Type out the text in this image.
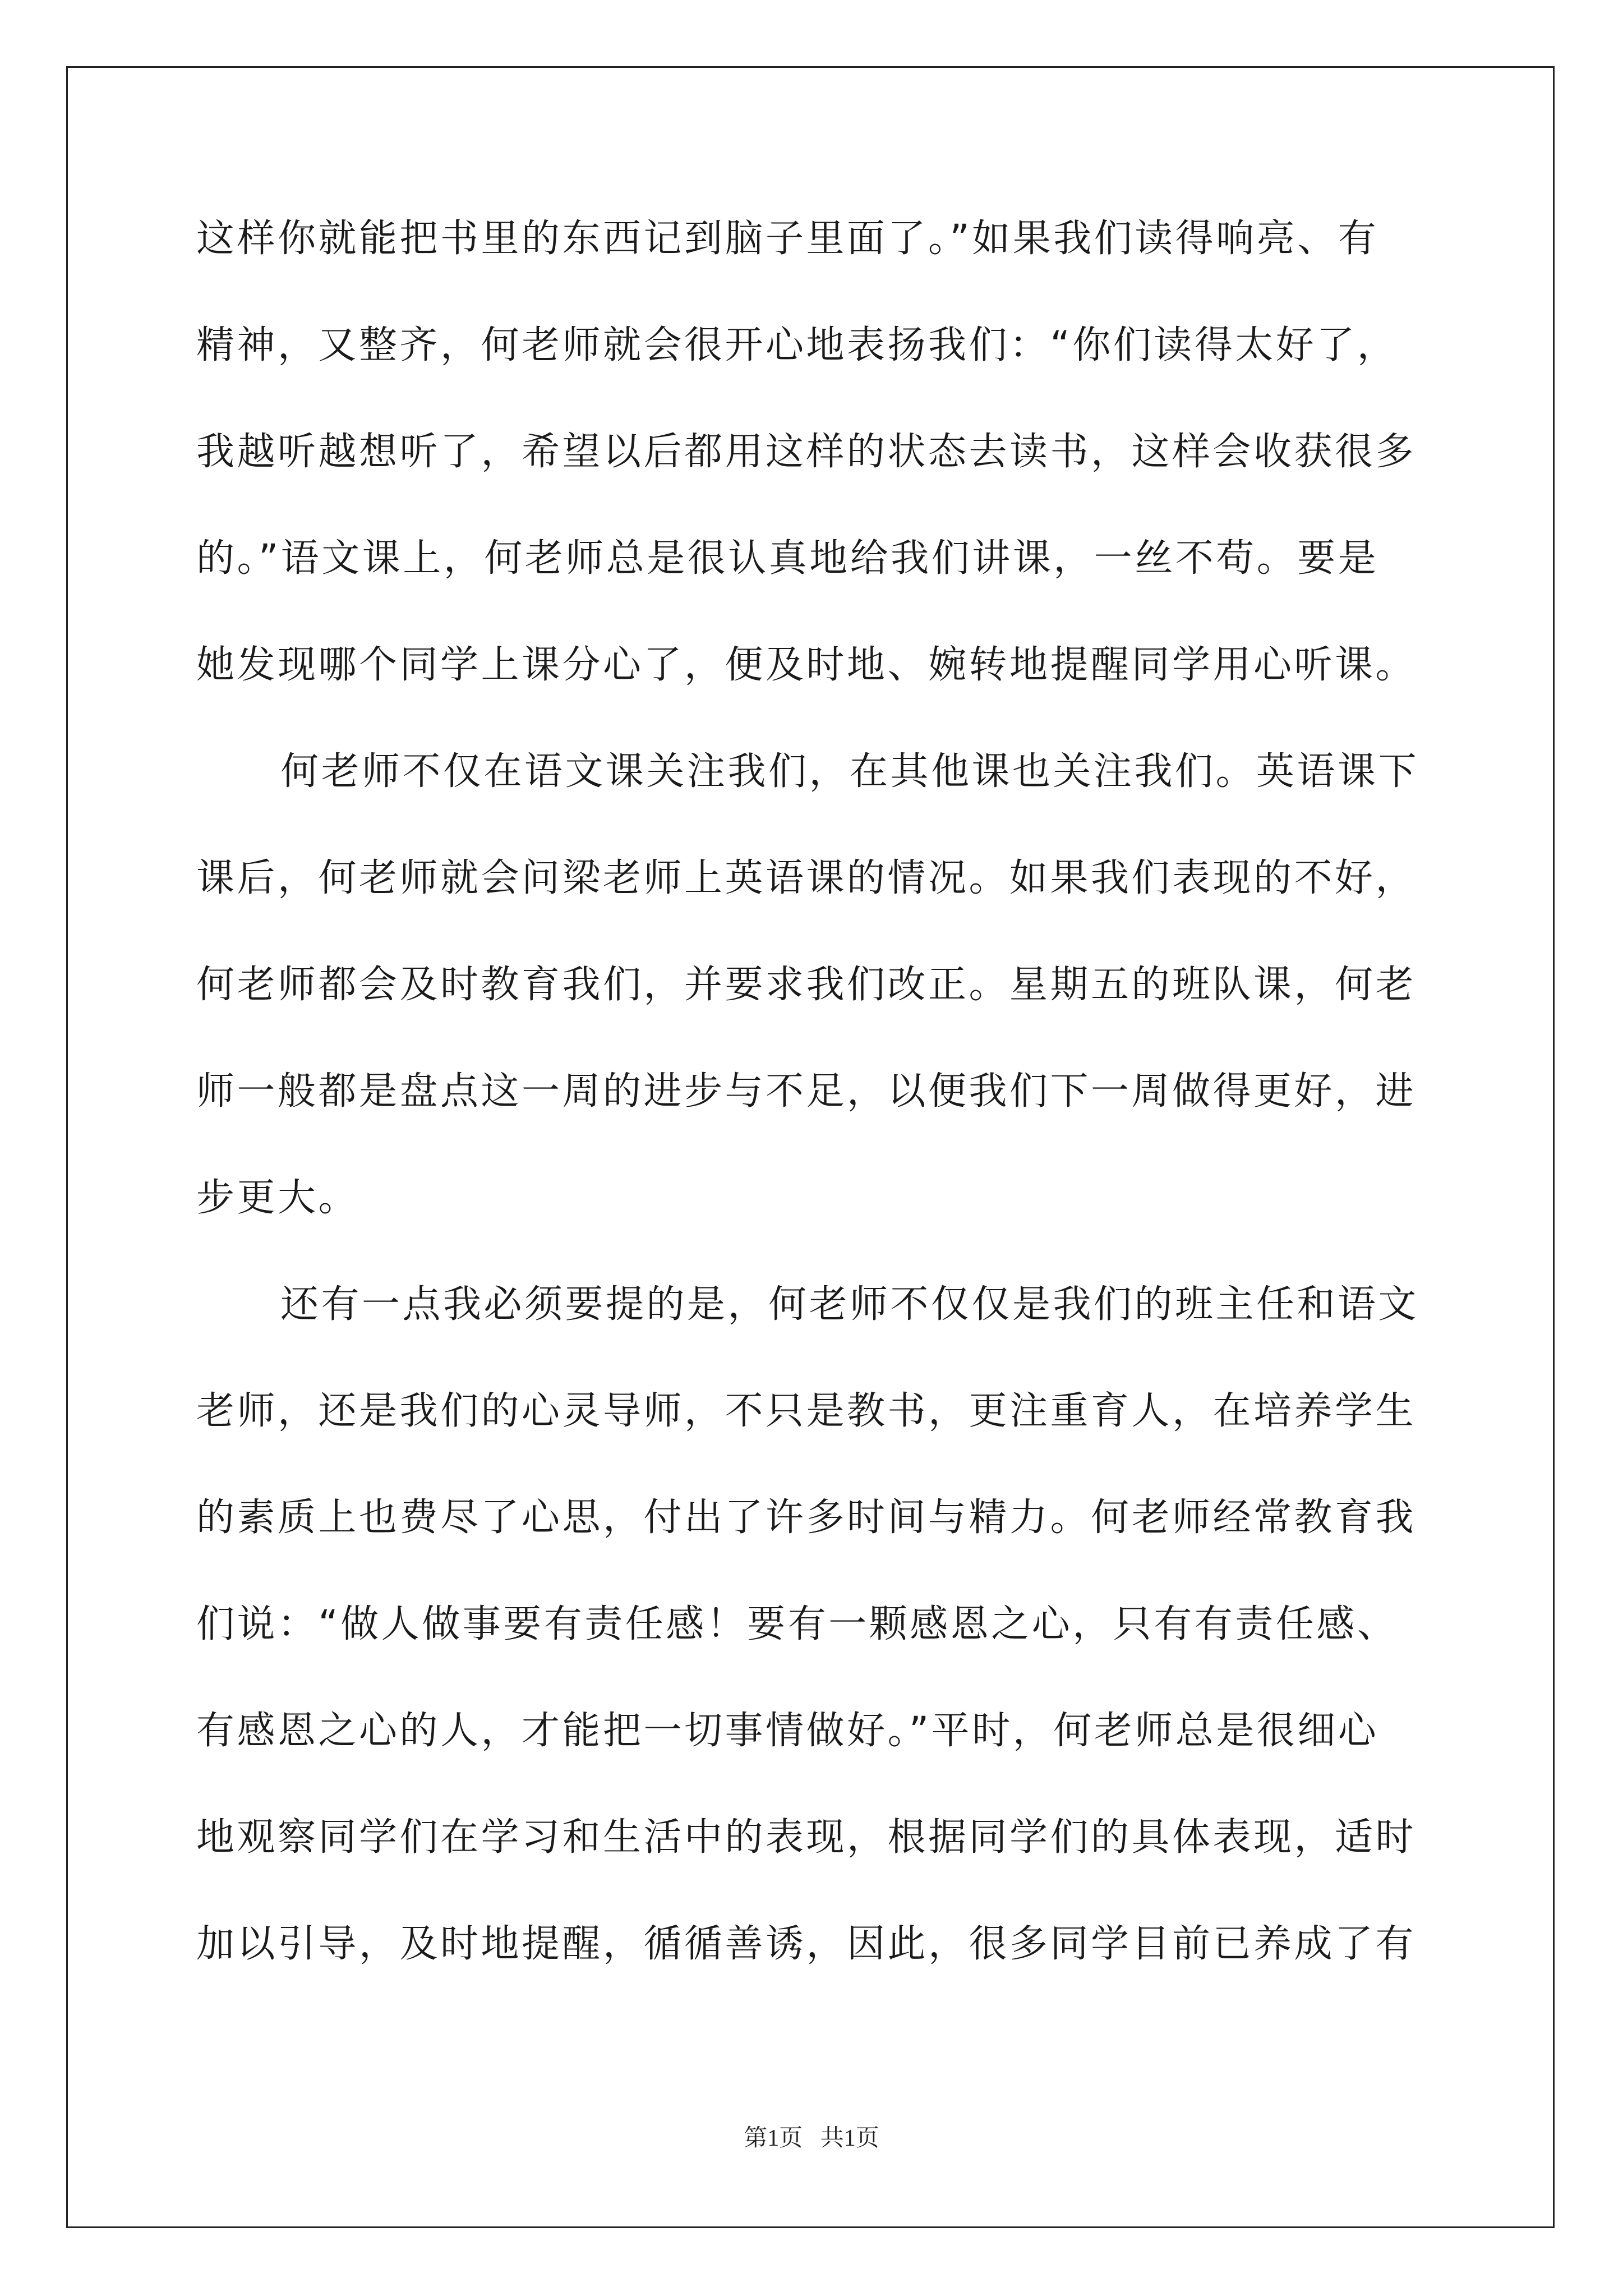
这样你就能把书里的东西记到脑子里面了。”如果我们读得响亮、有
精神，又整齐，何老师就会很开心地表扬我们：“你们读得太好了，
我越听越想听了，希望以后都用这样的状态去读书，这样会收获很多
的。”语文课上，何老师总是很认真地给我们讲课，一丝不苟。要是
她发现哪个同学上课分心了，便及时地、婉转地提醒同学用心听课。
何老师不仅在语文课关注我们，在其他课也关注我们。英语课下
课后，何老师就会问梁老师上英语课的情况。如果我们表现的不好，
何老师都会及时教育我们，并要求我们改正。星期五的班队课，何老
师一般都是盘点这一周的进步与不足，以便我们下一周做得更好，进
步更大。
还有一点我必须要提的是，何老师不仅仅是我们的班主任和语文
老师，还是我们的心灵导师，不只是教书，更注重育人，在培养学生
的素质上也费尽了心思，付出了许多时间与精力。何老师经常教育我
们说：“做人做事要有责任感！要有一颗感恩之心，只有有责任感、
有感恩之心的人，才能把一切事情做好。”平时，何老师总是很细心
地观察同学们在学习和生活中的表现，根据同学们的具体表现，适时
加以引导，及时地提醒，循循善诱，因此，很多同学目前已养成了有
第1页   共1页
